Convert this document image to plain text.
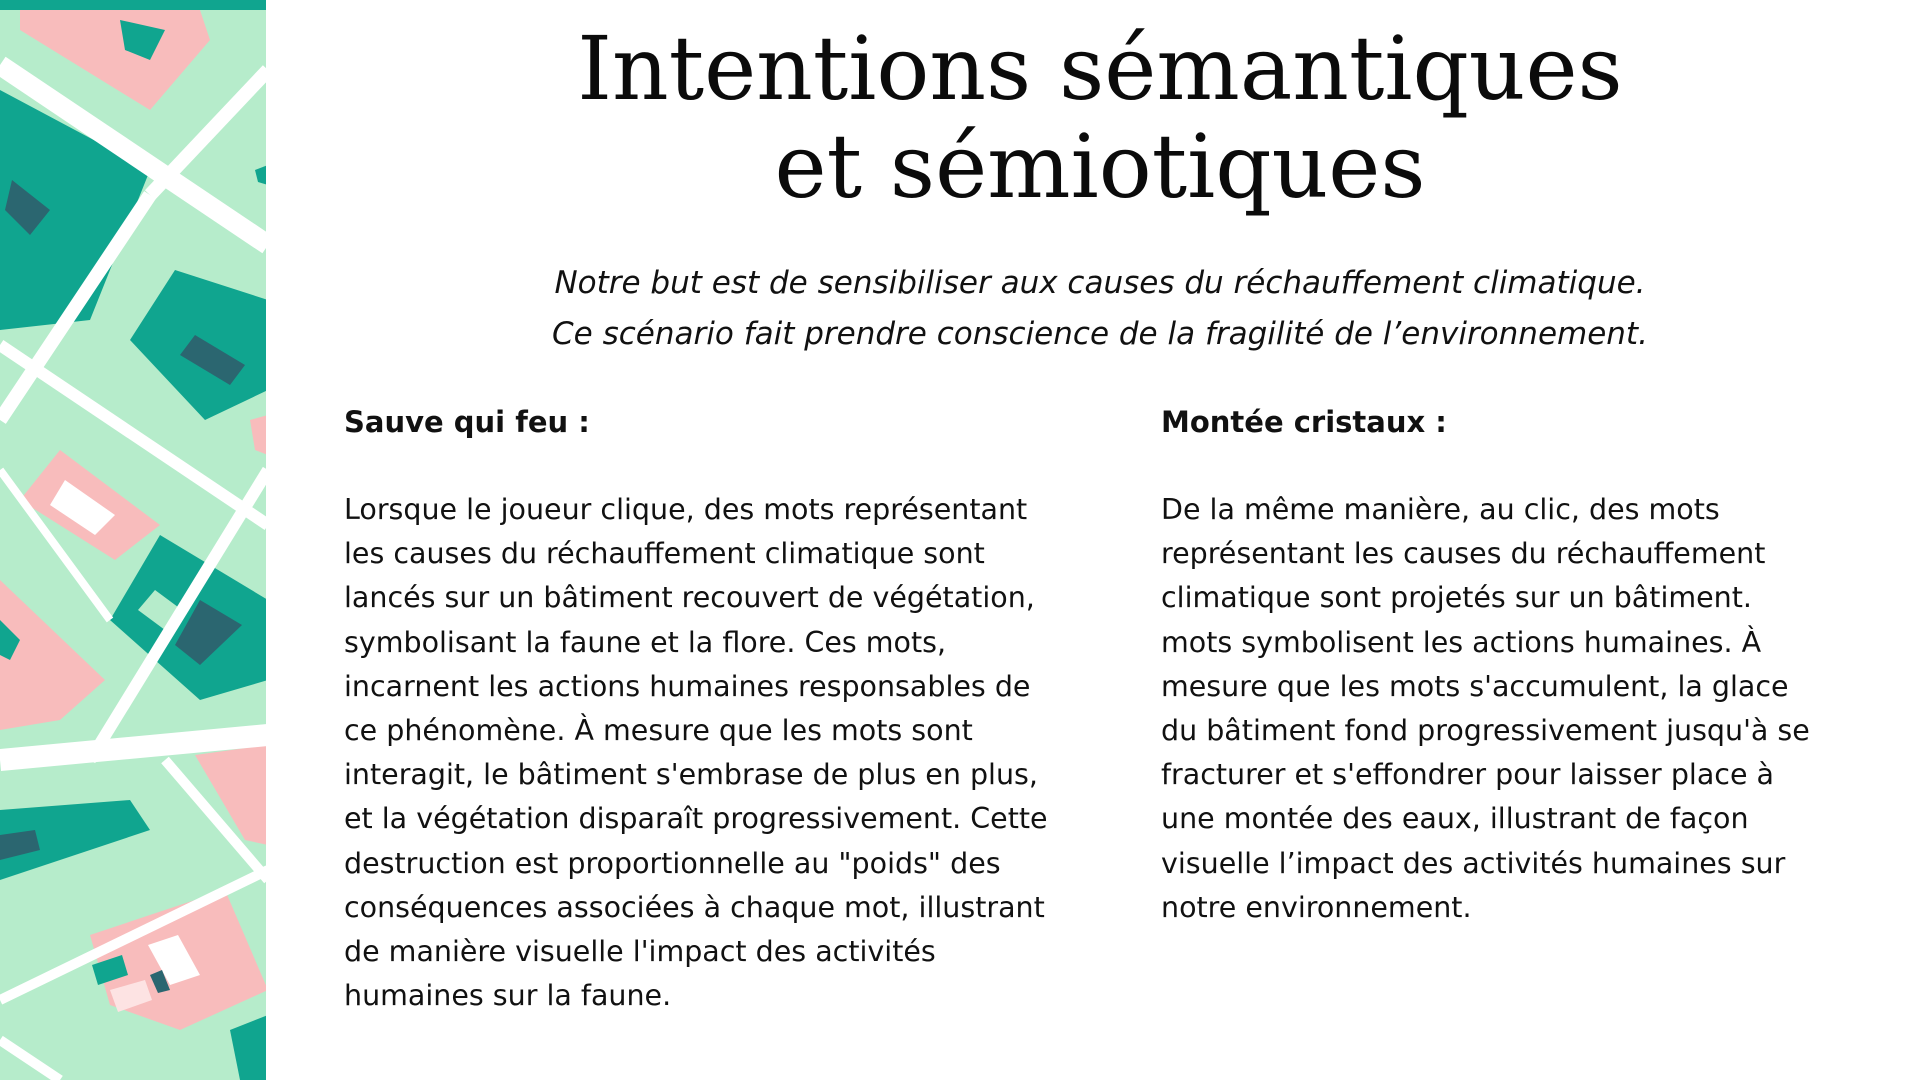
Intentions sémantiques
et sémiotiques
Notre but est de sensibiliser aux causes du réchauffement climatique.
Ce scénario fait prendre conscience de la fragilité de l’environnement.
Sauve qui feu :

Lorsque le joueur clique, des mots représentant
les causes du réchauffement climatique sont
lancés sur un bâtiment recouvert de végétation,
symbolisant la faune et la flore. Ces mots,
incarnent les actions humaines responsables de
ce phénomène. À mesure que les mots sont
interagit, le bâtiment s'embrase de plus en plus,
et la végétation disparaît progressivement. Cette
destruction est proportionnelle au "poids" des
conséquences associées à chaque mot, illustrant
de manière visuelle l'impact des activités
humaines sur la faune.

Montée cristaux :

De la même manière, au clic, des mots
représentant les causes du réchauffement
climatique sont projetés sur un bâtiment.
mots symbolisent les actions humaines. À
mesure que les mots s'accumulent, la glace
du bâtiment fond progressivement jusqu'à se
fracturer et s'effondrer pour laisser place à
une montée des eaux, illustrant de façon
visuelle l’impact des activités humaines sur
notre environnement.
